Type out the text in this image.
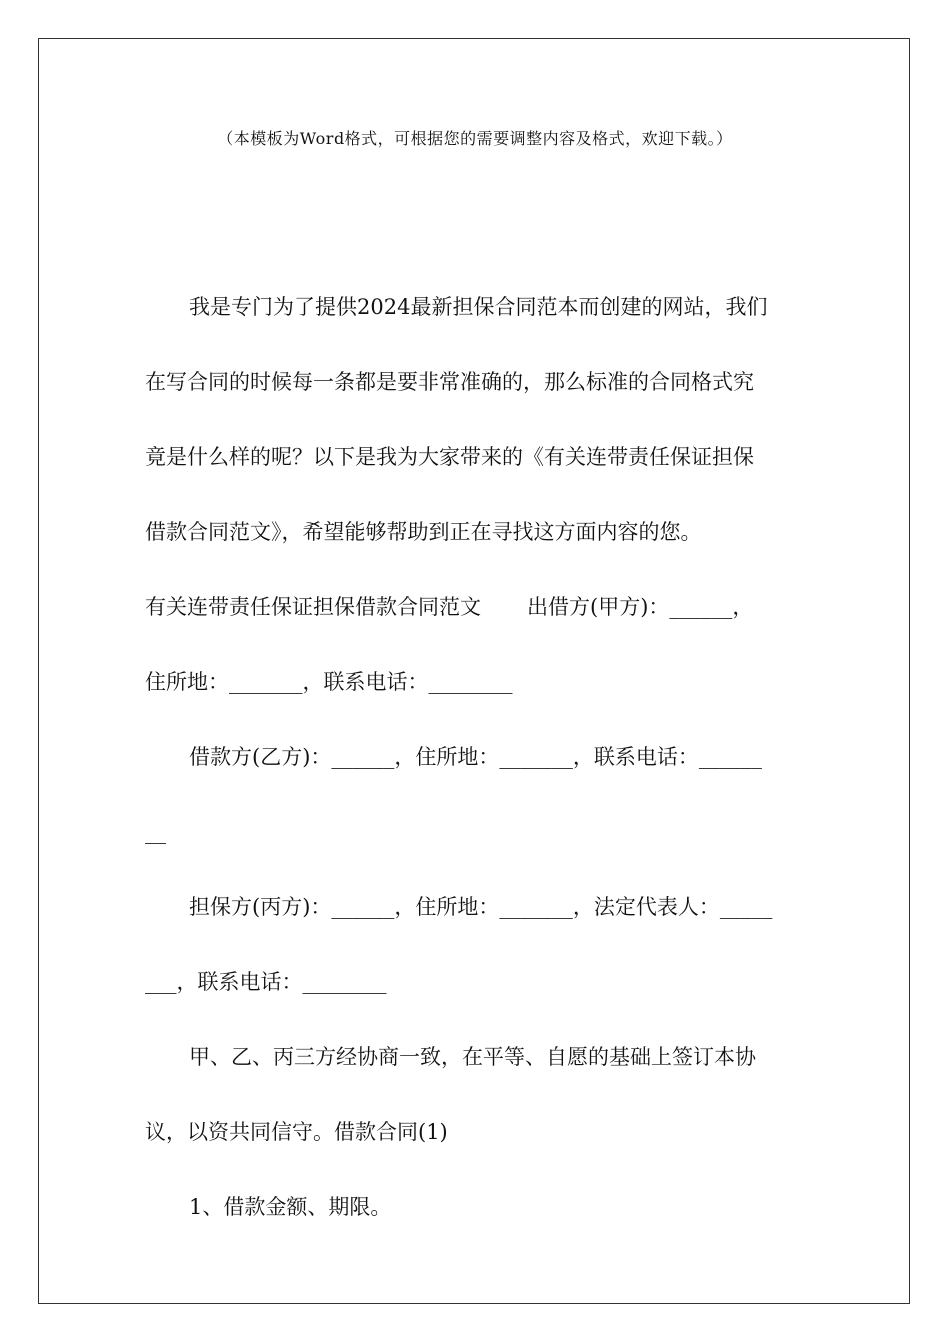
（本模板为Word格式，可根据您的需要调整内容及格式，欢迎下载。）
我是专门为了提供2024最新担保合同范本而创建的网站，我们
在写合同的时候每一条都是要非常准确的，那么标准的合同格式究
竟是什么样的呢？以下是我为大家带来的《有关连带责任保证担保
借款合同范文》，希望能够帮助到正在寻找这方面内容的您。
有关连带责任保证担保借款合同范文 出借方(甲方)：______，
住所地：_______，联系电话：________
借款方(乙方)：______，住所地：_______，联系电话：______
__
担保方(丙方)：______，住所地：_______，法定代表人：_____
___，联系电话：________
甲、乙、丙三方经协商一致，在平等、自愿的基础上签订本协
议，以资共同信守。借款合同(1)
1、借款金额、期限。
